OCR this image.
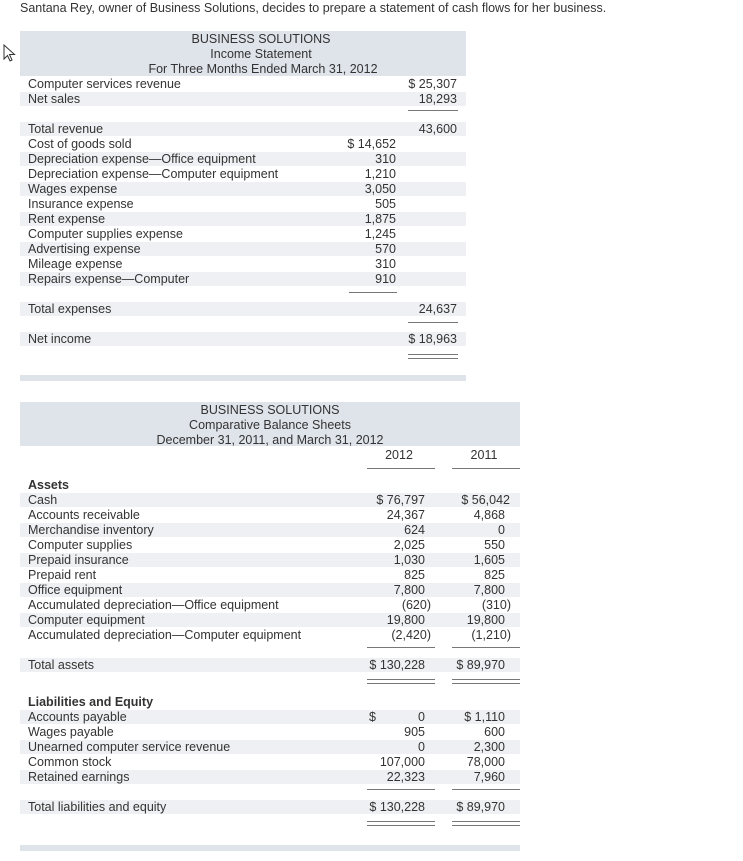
Santana Rey, owner of Business Solutions, decides to prepare a statement of cash flows for her business.
BUSINESS SOLUTIONS
Income Statement
For Three Months Ended March 31, 2012
Computer services revenue	$ 25,307
Net sales	18,293
Total revenue	43,600
Cost of goods sold	$ 14,652
Depreciation expense—Office equipment	310
Depreciation expense—Computer equipment	1,210
Wages expense	3,050
Insurance expense	505
Rent expense	1,875
Computer supplies expense	1,245
Advertising expense	570
Mileage expense	310
Repairs expense—Computer	910
Total expenses	24,637
Net income	$ 18,963
BUSINESS SOLUTIONS
Comparative Balance Sheets
December 31, 2011, and March 31, 2012
2012	2011
Assets
Cash	$ 76,797	$ 56,042
Accounts receivable	24,367	4,868
Merchandise inventory	624	0
Computer supplies	2,025	550
Prepaid insurance	1,030	1,605
Prepaid rent	825	825
Office equipment	7,800	7,800
Accumulated depreciation—Office equipment	(620)	(310)
Computer equipment	19,800	19,800
Accumulated depreciation—Computer equipment	(2,420)	(1,210)
Total assets	$ 130,228	$ 89,970
Liabilities and Equity
Accounts payable	$	0	$ 1,110
Wages payable	905	600
Unearned computer service revenue	0	2,300
Common stock	107,000	78,000
Retained earnings	22,323	7,960
Total liabilities and equity	$ 130,228	$ 89,970
